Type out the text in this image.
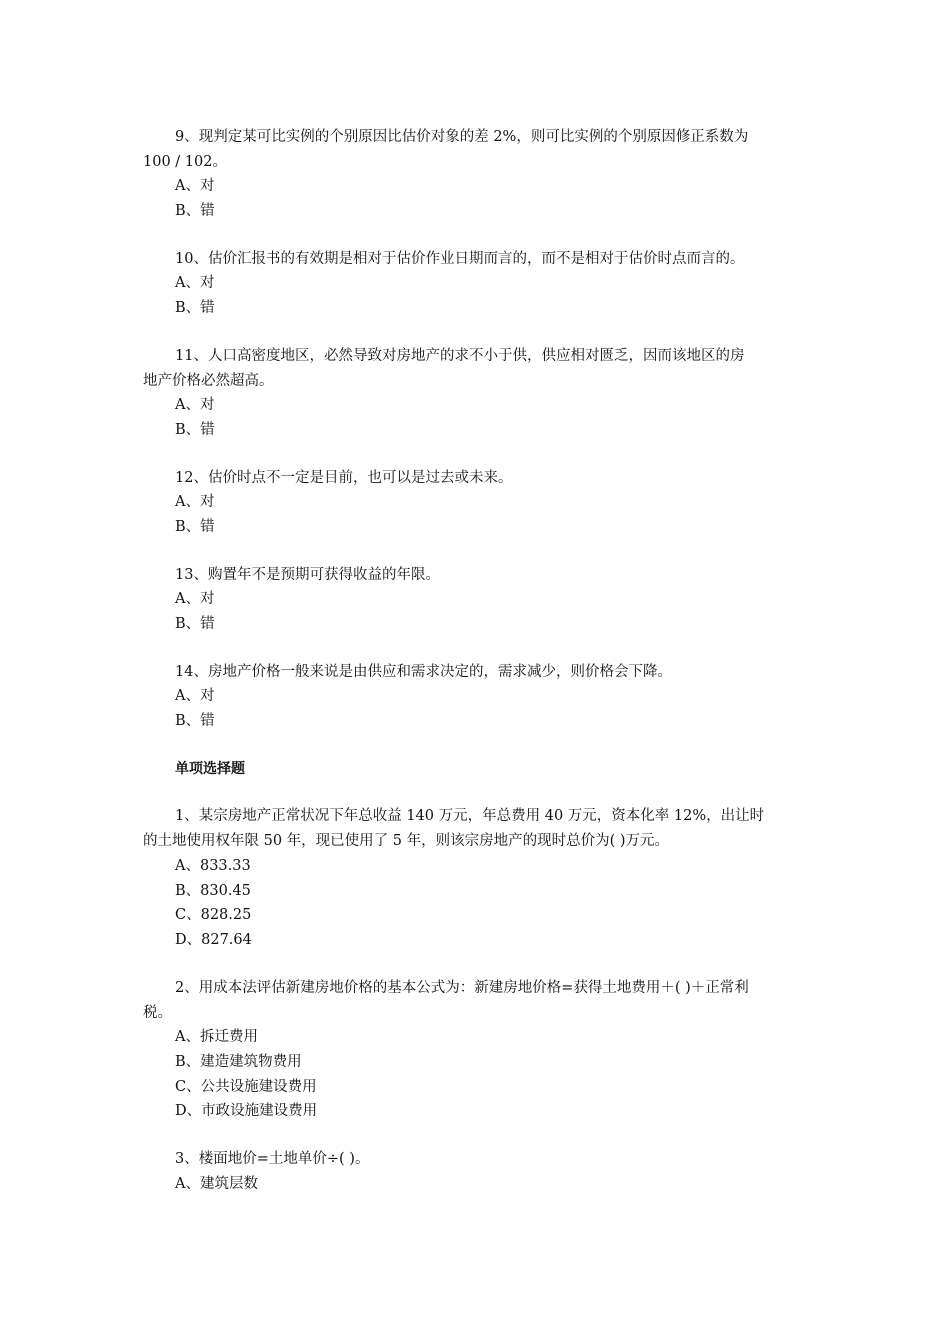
9、现判定某可比实例的个别原因比估价对象的差 2%，则可比实例的个别原因修正系数为
100 / 102。
A、对
B、错
10、估价汇报书的有效期是相对于估价作业日期而言的，而不是相对于估价时点而言的。
A、对
B、错
11、人口高密度地区，必然导致对房地产的求不小于供，供应相对匮乏，因而该地区的房
地产价格必然超高。
A、对
B、错
12、估价时点不一定是目前，也可以是过去或未来。
A、对
B、错
13、购置年不是预期可获得收益的年限。
A、对
B、错
14、房地产价格一般来说是由供应和需求决定的，需求减少，则价格会下降。
A、对
B、错
单项选择题
1、某宗房地产正常状况下年总收益 140 万元，年总费用 40 万元，资本化率 12%，出让时
的土地使用权年限 50 年，现已使用了 5 年，则该宗房地产的现时总价为( )万元。
A、833.33
B、830.45
C、828.25
D、827.64
2、用成本法评估新建房地价格的基本公式为：新建房地价格=获得土地费用＋( )＋正常利
税。
A、拆迁费用
B、建造建筑物费用
C、公共设施建设费用
D、市政设施建设费用
3、楼面地价=土地单价÷( )。
A、建筑层数
